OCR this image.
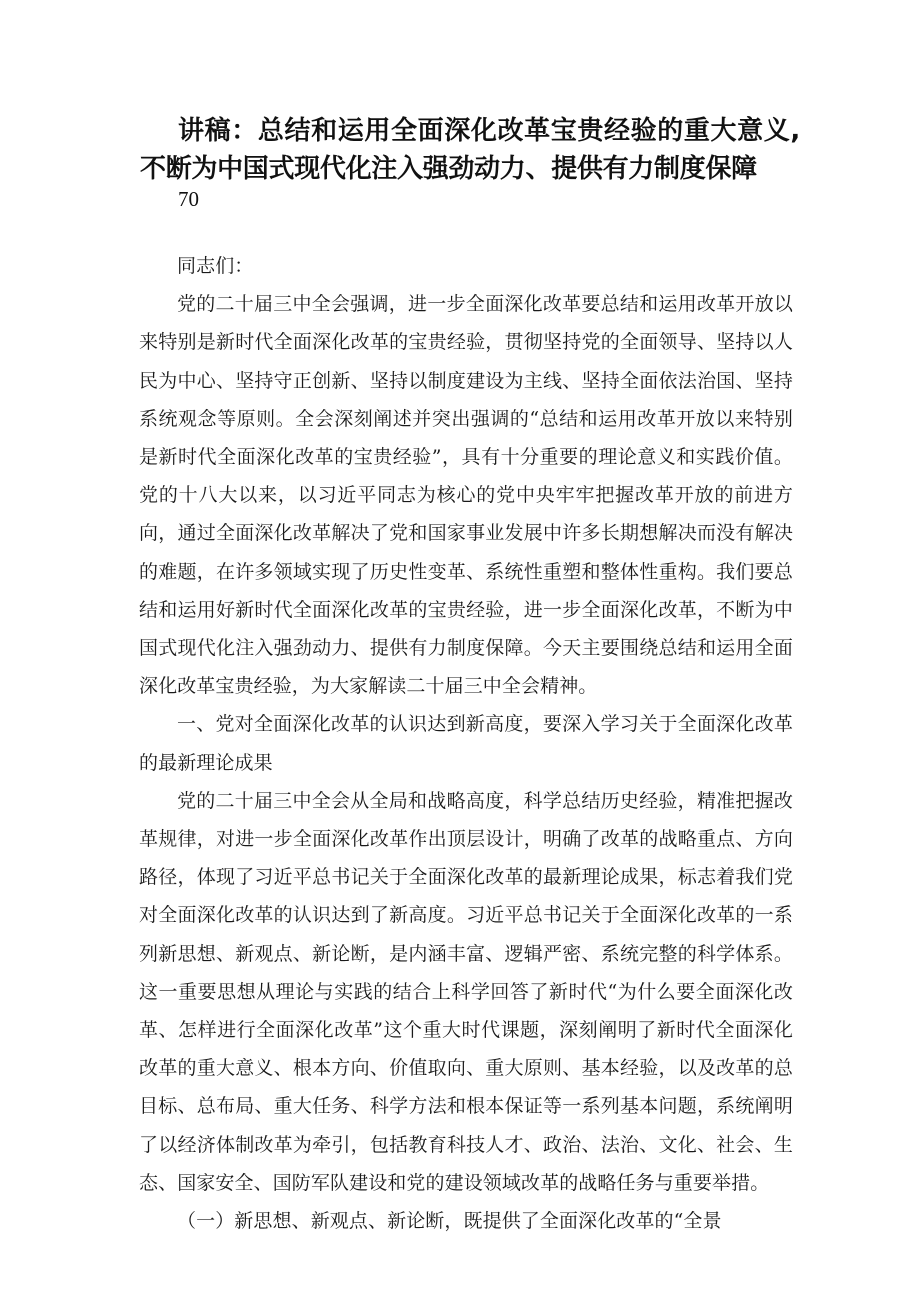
讲稿：总结和运用全面深化改革宝贵经验的重大意义,不断为中国式现代化注入强劲动力、提供有力制度保障
70

同志们：

党的二十届三中全会强调，进一步全面深化改革要总结和运用改革开放以来特别是新时代全面深化改革的宝贵经验，贯彻坚持党的全面领导、坚持以人民为中心、坚持守正创新、坚持以制度建设为主线、坚持全面依法治国、坚持系统观念等原则。全会深刻阐述并突出强调的“总结和运用改革开放以来特别是新时代全面深化改革的宝贵经验”，具有十分重要的理论意义和实践价值。党的十八大以来，以习近平同志为核心的党中央牢牢把握改革开放的前进方向，通过全面深化改革解决了党和国家事业发展中许多长期想解决而没有解决的难题，在许多领域实现了历史性变革、系统性重塑和整体性重构。我们要总结和运用好新时代全面深化改革的宝贵经验，进一步全面深化改革，不断为中国式现代化注入强劲动力、提供有力制度保障。今天主要围绕总结和运用全面深化改革宝贵经验，为大家解读二十届三中全会精神。

一、党对全面深化改革的认识达到新高度，要深入学习关于全面深化改革的最新理论成果

党的二十届三中全会从全局和战略高度，科学总结历史经验，精准把握改革规律，对进一步全面深化改革作出顶层设计，明确了改革的战略重点、方向路径，体现了习近平总书记关于全面深化改革的最新理论成果，标志着我们党对全面深化改革的认识达到了新高度。习近平总书记关于全面深化改革的一系列新思想、新观点、新论断，是内涵丰富、逻辑严密、系统完整的科学体系。这一重要思想从理论与实践的结合上科学回答了新时代“为什么要全面深化改革、怎样进行全面深化改革”这个重大时代课题，深刻阐明了新时代全面深化改革的重大意义、根本方向、价值取向、重大原则、基本经验，以及改革的总目标、总布局、重大任务、科学方法和根本保证等一系列基本问题，系统阐明了以经济体制改革为牵引，包括教育科技人才、政治、法治、文化、社会、生态、国家安全、国防军队建设和党的建设领域改革的战略任务与重要举措。

（一）新思想、新观点、新论断，既提供了全面深化改革的“全景
